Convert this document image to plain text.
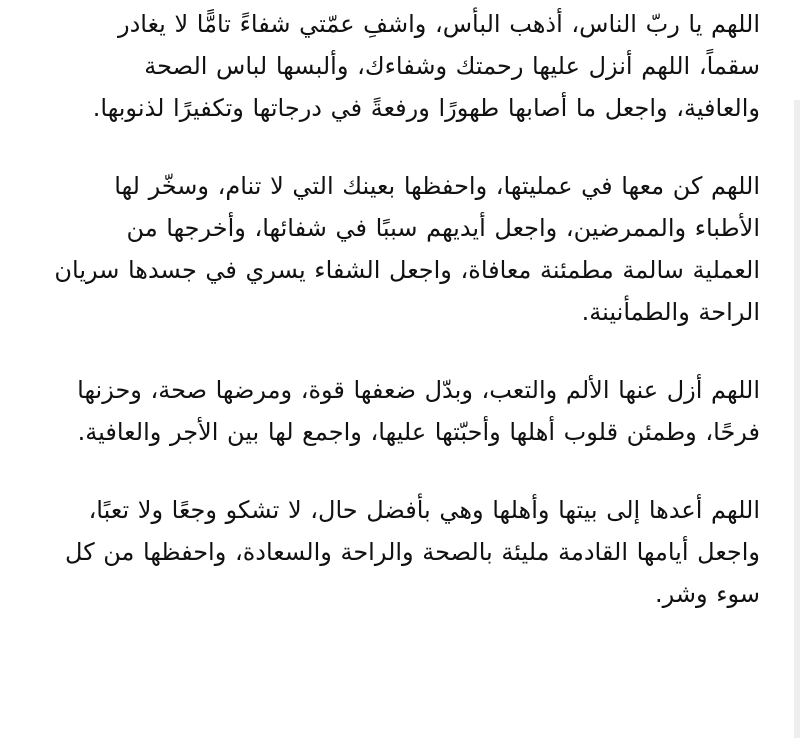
اللهم يا ربّ الناس، أذهب البأس، واشفِ عمّتي شفاءً تامًّا لا يغادر سقماً، اللهم أنزل عليها رحمتك وشفاءك، وألبسها لباس الصحة والعافية، واجعل ما أصابها طهورًا ورفعةً في درجاتها وتكفيرًا لذنوبها.

اللهم كن معها في عمليتها، واحفظها بعينك التي لا تنام، وسخّر لها الأطباء والممرضين، واجعل أيديهم سببًا في شفائها، وأخرجها من العملية سالمة مطمئنة معافاة، واجعل الشفاء يسري في جسدها سريان الراحة والطمأنينة.

اللهم أزل عنها الألم والتعب، وبدّل ضعفها قوة، ومرضها صحة، وحزنها فرحًا، وطمئن قلوب أهلها وأحبّتها عليها، واجمع لها بين الأجر والعافية.

اللهم أعدها إلى بيتها وأهلها وهي بأفضل حال، لا تشكو وجعًا ولا تعبًا، واجعل أيامها القادمة مليئة بالصحة والراحة والسعادة، واحفظها من كل سوء وشر.
